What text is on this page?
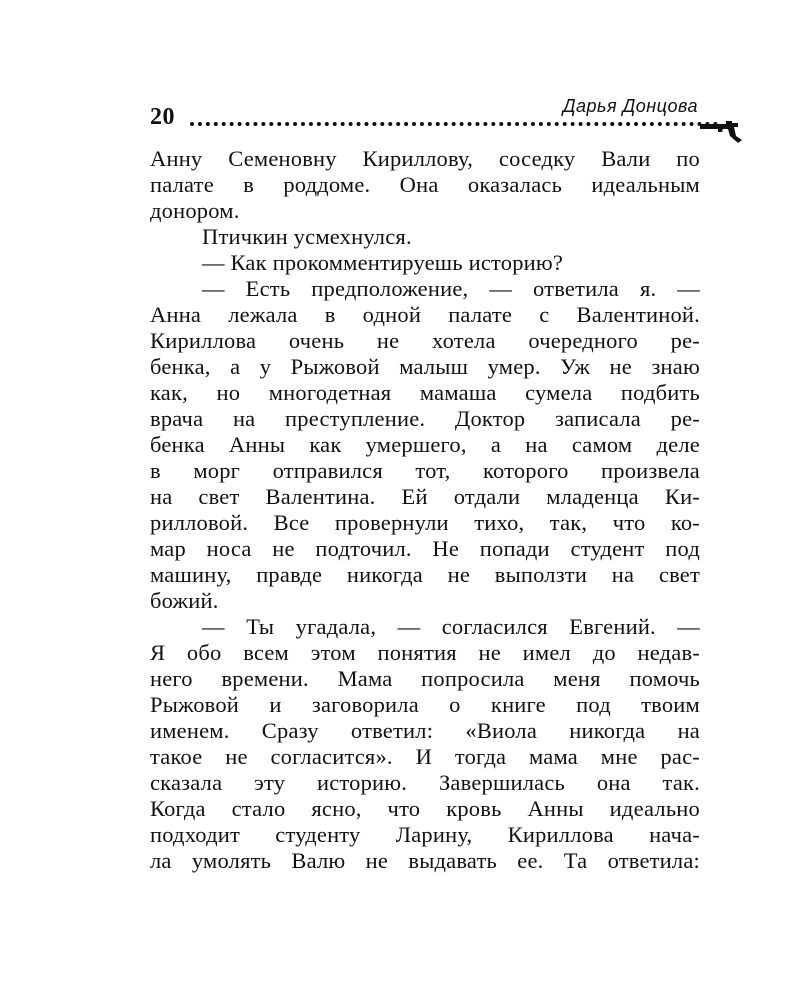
20	Дарья Донцова
Анну Семеновну Кириллову, соседку Вали по
палате в роддоме. Она оказалась идеальным
донором.
Птичкин усмехнулся.
— Как прокомментируешь историю?
— Есть предположение, — ответила я. —
Анна лежала в одной палате с Валентиной.
Кириллова очень не хотела очередного ре-
бенка, а у Рыжовой малыш умер. Уж не знаю
как, но многодетная мамаша сумела подбить
врача на преступление. Доктор записала ре-
бенка Анны как умершего, а на самом деле
в морг отправился тот, которого произвела
на свет Валентина. Ей отдали младенца Ки-
рилловой. Все провернули тихо, так, что ко-
мар носа не подточил. Не попади студент под
машину, правде никогда не выползти на свет
божий.
— Ты угадала, — согласился Евгений. —
Я обо всем этом понятия не имел до недав-
него времени. Мама попросила меня помочь
Рыжовой и заговорила о книге под твоим
именем. Сразу ответил: «Виола никогда на
такое не согласится». И тогда мама мне рас-
сказала эту историю. Завершилась она так.
Когда стало ясно, что кровь Анны идеально
подходит студенту Ларину, Кириллова нача-
ла умолять Валю не выдавать ее. Та ответила:
